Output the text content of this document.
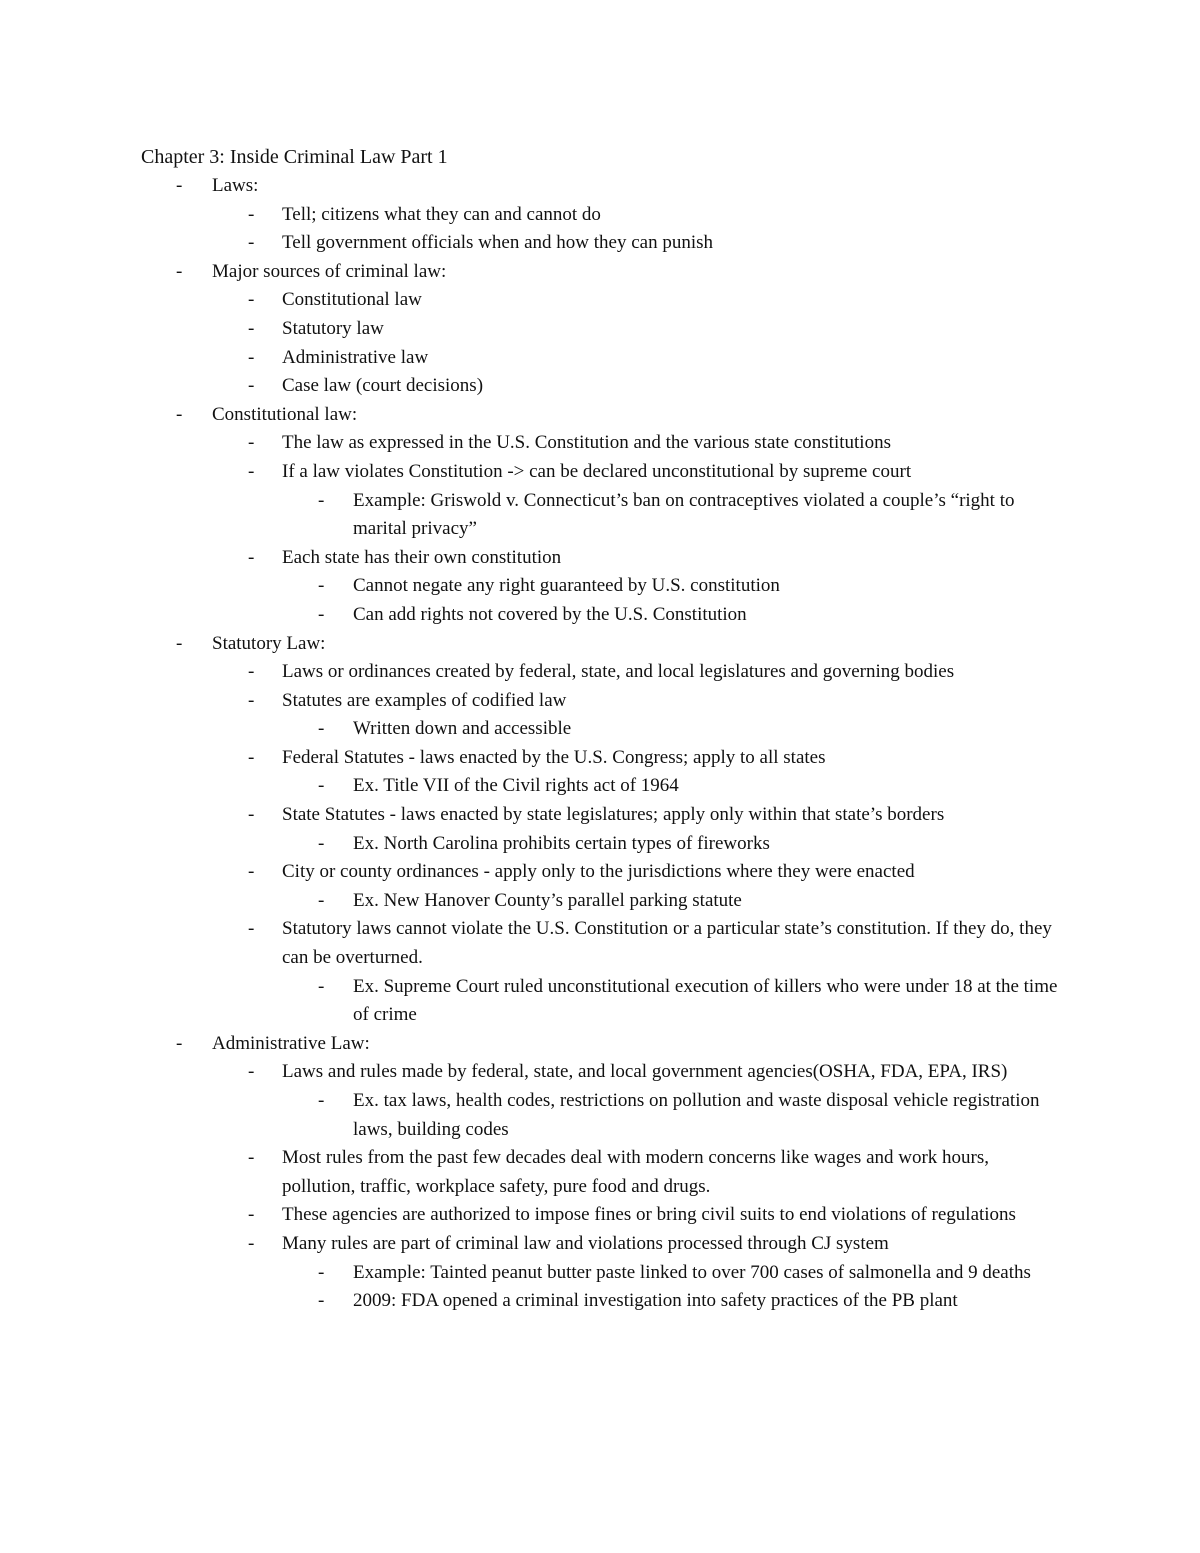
Chapter 3: Inside Criminal Law Part 1
- Laws:
- Tell; citizens what they can and cannot do
- Tell government officials when and how they can punish
- Major sources of criminal law:
- Constitutional law
- Statutory law
- Administrative law
- Case law (court decisions)
- Constitutional law:
- The law as expressed in the U.S. Constitution and the various state constitutions
- If a law violates Constitution -> can be declared unconstitutional by supreme court
- Example: Griswold v. Connecticut’s ban on contraceptives violated a couple’s “right to marital privacy”
- Each state has their own constitution
- Cannot negate any right guaranteed by U.S. constitution
- Can add rights not covered by the U.S. Constitution
- Statutory Law:
- Laws or ordinances created by federal, state, and local legislatures and governing bodies
- Statutes are examples of codified law
- Written down and accessible
- Federal Statutes - laws enacted by the U.S. Congress; apply to all states
- Ex. Title VII of the Civil rights act of 1964
- State Statutes - laws enacted by state legislatures; apply only within that state’s borders
- Ex. North Carolina prohibits certain types of fireworks
- City or county ordinances - apply only to the jurisdictions where they were enacted
- Ex. New Hanover County’s parallel parking statute
- Statutory laws cannot violate the U.S. Constitution or a particular state’s constitution. If they do, they can be overturned.
- Ex. Supreme Court ruled unconstitutional execution of killers who were under 18 at the time of crime
- Administrative Law:
- Laws and rules made by federal, state, and local government agencies(OSHA, FDA, EPA, IRS)
- Ex. tax laws, health codes, restrictions on pollution and waste disposal vehicle registration laws, building codes
- Most rules from the past few decades deal with modern concerns like wages and work hours, pollution, traffic, workplace safety, pure food and drugs.
- These agencies are authorized to impose fines or bring civil suits to end violations of regulations
- Many rules are part of criminal law and violations processed through CJ system
- Example: Tainted peanut butter paste linked to over 700 cases of salmonella and 9 deaths
- 2009: FDA opened a criminal investigation into safety practices of the PB plant
